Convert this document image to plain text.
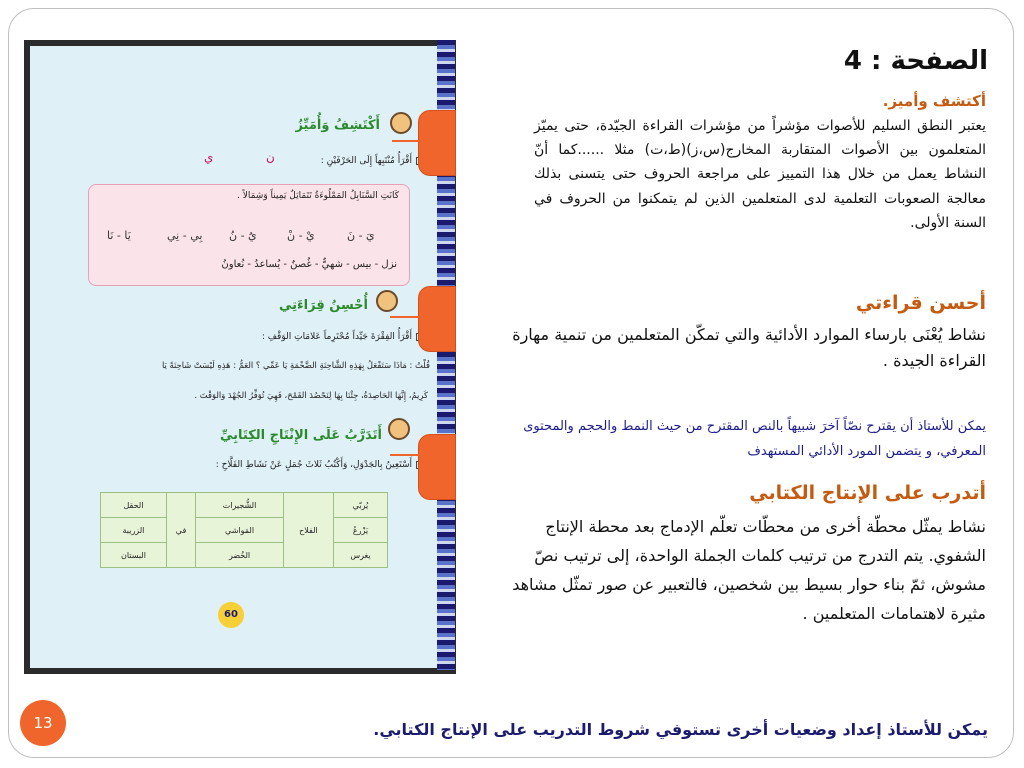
أَكْتَشِفُ وَأُمَيِّزُ
أَقْرَأُ مُنْتَبِهاً إِلَى الحَرْفَيْنِ :
ن
ي
كَانَتِ السَّنَابِلُ المَمْلُوءَةُ تَتَمَايَلُ يَمِيناً وَشِمَالاً .
يَا - نَا	بِي - نِي يُ - نُ	يْ - نْ	يَ - نَ
نزل - بيس - شهيٌّ - غُصنٌ - يُساعدُ - نُعاونُ
أُحْسِنُ قِرَاءَتِي
أَقْرَأُ الفِقْرَةَ جَيِّداً مُحْتَرِماً عَلامَاتِ الوَقْفِ :
قُلْتُ : مَاذَا سَتَفْعَلُ بِهَذِهِ الشَّاحِنَةِ الضَّخْمَةِ يَا عَمِّي ؟ العَمُّ : هَذِهِ لَيْسَتْ شَاحِنَةً يَا
كَرِيمُ، إِنَّهَا الحَاصِدَةُ، جِئْنَا بِهَا لِنَحْصُدَ القَمْحَ، فَهِيَ تُوَفِّرُ الجُهْدَ وَالوَقْتَ .
أَتَدَرَّبُ عَلَى الإِنْتَاجِ الكِتَابِيِّ
أَسْتَعِينُ بِالجَدْوَلِ، وَأَكْتُبُ ثَلاثَ جُمَلٍ عَنْ نَشَاطِ الفَلَّاحِ :
الحقل	في	الشُّجيرات	الفلاح	يُربّي
الزريبة		المَواشي		يَزْرعُ
البستان		الخُضر		يغرس
60
الصفحة : 4
أكتشف وأميز.
يعتبر النطق السليم للأصوات مؤشراً من مؤشرات القراءة الجيّدة، حتى يميّز المتعلمون بين الأصوات المتقاربة المخارج(س،ز)(ط،ت) مثلا ......كما أنّ النشاط يعمل من خلال هذا التمييز على مراجعة الحروف حتى يتسنى بذلك معالجة الصعوبات التعلمية لدى المتعلمين الذين لم يتمكنوا من الحروف في السنة الأولى.
أحسن قراءتي
نشاط يُعْنَى بارساء الموارد الأدائية والتي تمكّن المتعلمين من تنمية مهارة القراءة الجيدة .
يمكن للأستاذ أن يقترح نصّاً آخرَ شبيهاً بالنص المقترح من حيث النمط والحجم والمحتوى المعرفي، و يتضمن المورد الأدائي المستهدف
أتدرب على الإنتاج الكتابي
نشاط يمثّل محطّة أخرى من محطّات تعلّم الإدماج بعد محطة الإنتاج الشفوي. يتم التدرج من ترتيب كلمات الجملة الواحدة، إلى ترتيب نصّ مشوش، ثمّ بناء حوار بسيط بين شخصين، فالتعبير عن صور تمثّل مشاهد مثيرة لاهتمامات المتعلمين .
13	يمكن للأستاذ إعداد وضعيات أخرى تستوفي شروط التدريب على الإنتاج الكتابي.
